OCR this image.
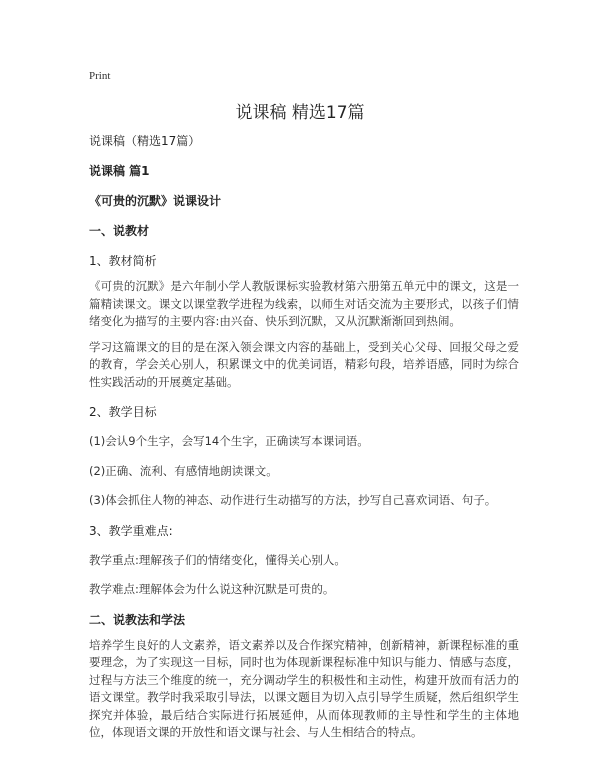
Print
说课稿 精选17篇

说课稿（精选17篇）

说课稿 篇1

《可贵的沉默》说课设计

一、说教材

1、教材简析

《可贵的沉默》是六年制小学人教版课标实验教材第六册第五单元中的课文，这是一篇精读课文。课文以课堂教学进程为线索，以师生对话交流为主要形式，以孩子们情绪变化为描写的主要内容:由兴奋、快乐到沉默，又从沉默渐渐回到热闹。

学习这篇课文的目的是在深入领会课文内容的基础上，受到关心父母、回报父母之爱的教育，学会关心别人，积累课文中的优美词语，精彩句段，培养语感，同时为综合性实践活动的开展奠定基础。

2、教学目标

(1)会认9个生字，会写14个生字，正确读写本课词语。

(2)正确、流利、有感情地朗读课文。

(3)体会抓住人物的神态、动作进行生动描写的方法，抄写自己喜欢词语、句子。

3、教学重难点:

教学重点:理解孩子们的情绪变化，懂得关心别人。

教学难点:理解体会为什么说这种沉默是可贵的。

二、说教法和学法

培养学生良好的人文素养，语文素养以及合作探究精神，创新精神，新课程标准的重要理念，为了实现这一目标，同时也为体现新课程标准中知识与能力、情感与态度，过程与方法三个维度的统一，充分调动学生的积极性和主动性，构建开放而有活力的语文课堂。教学时我采取引导法，以课文题目为切入点引导学生质疑，然后组织学生探究并体验，最后结合实际进行拓展延伸，从而体现教师的主导性和学生的主体地位，体现语文课的开放性和语文课与社会、与人生相结合的特点。
